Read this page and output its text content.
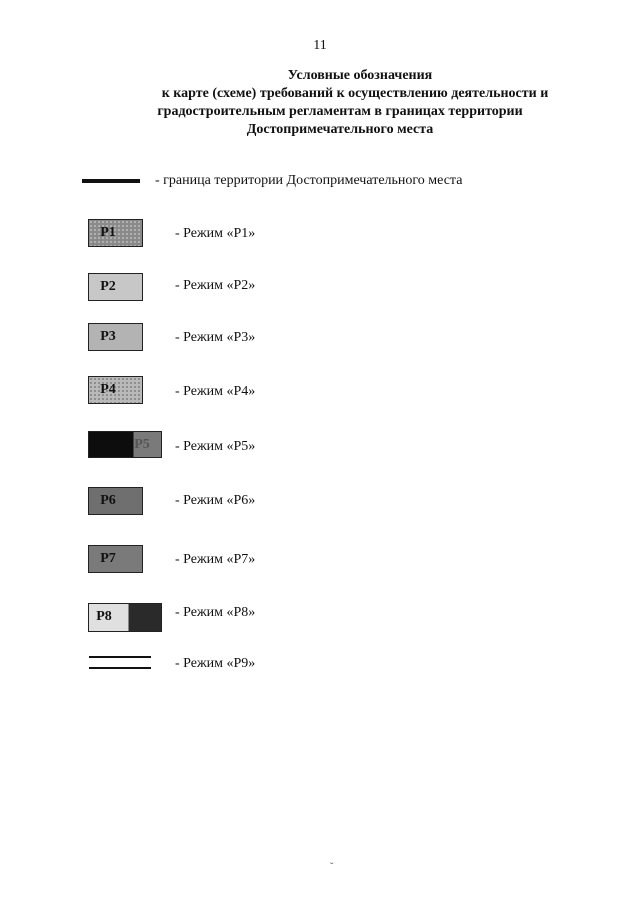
11
Условные обозначения
к карте (схеме) требований к осуществлению деятельности и
градостроительным регламентам в границах территории
Достопримечательного места
- граница территории Достопримечательного места
Р1	- Режим «Р1»
Р2	- Режим «Р2»
Р3	- Режим «Р3»
Р4	- Режим «Р4»
Р5	- Режим «Р5»
Р6	- Режим «Р6»
Р7	- Режим «Р7»
Р8	- Режим «Р8»
- Режим «Р9»
ˇ
